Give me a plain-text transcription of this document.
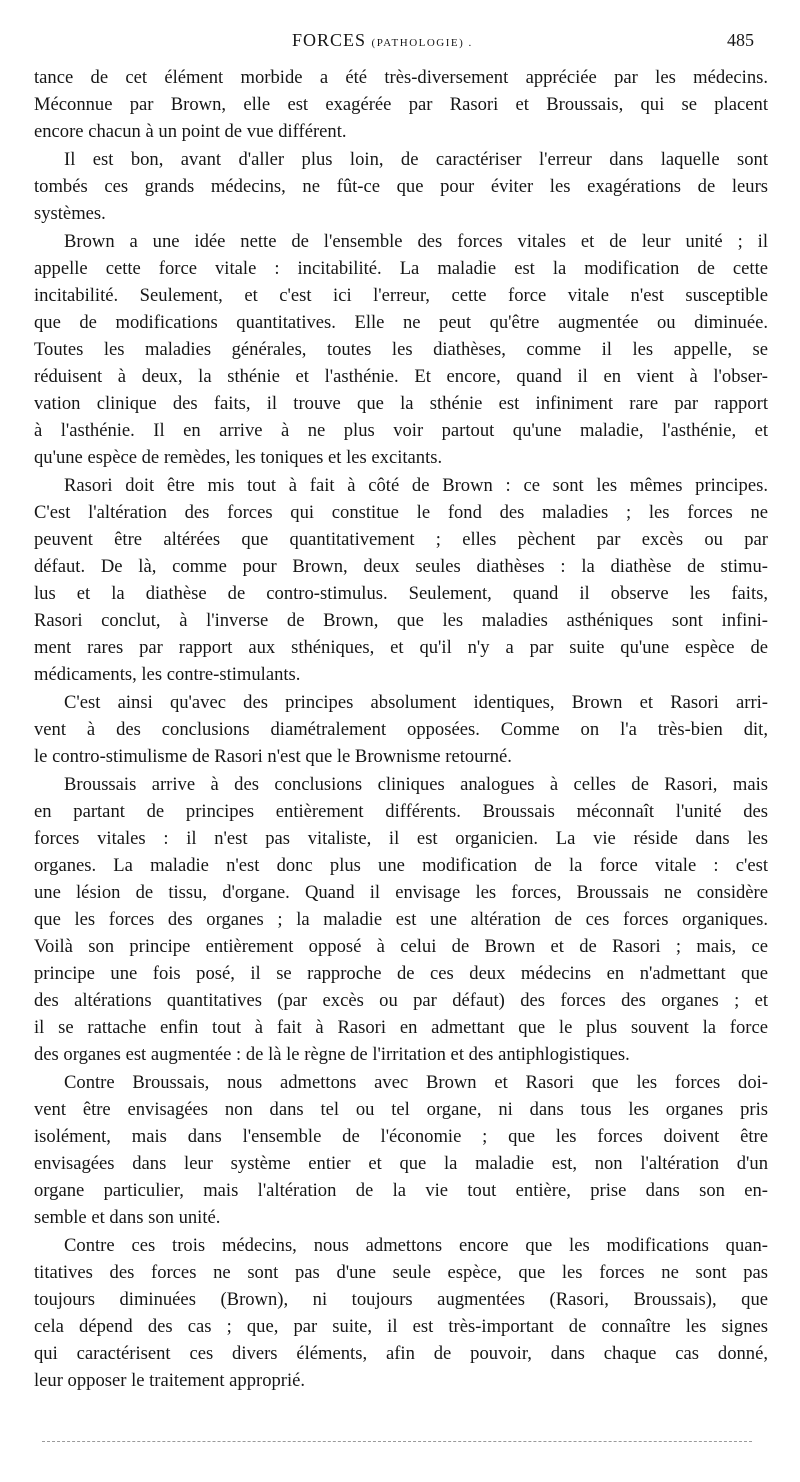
FORCES (PATHOLOGIE) .	485
tance de cet élément morbide a été très-diversement appréciée par les médecins.
Méconnue par Brown, elle est exagérée par Rasori et Broussais, qui se placent
encore chacun à un point de vue différent.
Il est bon, avant d'aller plus loin, de caractériser l'erreur dans laquelle sont
tombés ces grands médecins, ne fût-ce que pour éviter les exagérations de leurs
systèmes.
Brown a une idée nette de l'ensemble des forces vitales et de leur unité ; il
appelle cette force vitale : incitabilité. La maladie est la modification de cette
incitabilité. Seulement, et c'est ici l'erreur, cette force vitale n'est susceptible
que de modifications quantitatives. Elle ne peut qu'être augmentée ou diminuée.
Toutes les maladies générales, toutes les diathèses, comme il les appelle, se
réduisent à deux, la sthénie et l'asthénie. Et encore, quand il en vient à l'obser-
vation clinique des faits, il trouve que la sthénie est infiniment rare par rapport
à l'asthénie. Il en arrive à ne plus voir partout qu'une maladie, l'asthénie, et
qu'une espèce de remèdes, les toniques et les excitants.
Rasori doit être mis tout à fait à côté de Brown : ce sont les mêmes principes.
C'est l'altération des forces qui constitue le fond des maladies ; les forces ne
peuvent être altérées que quantitativement ; elles pèchent par excès ou par
défaut. De là, comme pour Brown, deux seules diathèses : la diathèse de stimu-
lus et la diathèse de contro-stimulus. Seulement, quand il observe les faits,
Rasori conclut, à l'inverse de Brown, que les maladies asthéniques sont infini-
ment rares par rapport aux sthéniques, et qu'il n'y a par suite qu'une espèce de
médicaments, les contre-stimulants.
C'est ainsi qu'avec des principes absolument identiques, Brown et Rasori arri-
vent à des conclusions diamétralement opposées. Comme on l'a très-bien dit,
le contro-stimulisme de Rasori n'est que le Brownisme retourné.
Broussais arrive à des conclusions cliniques analogues à celles de Rasori, mais
en partant de principes entièrement différents. Broussais méconnaît l'unité des
forces vitales : il n'est pas vitaliste, il est organicien. La vie réside dans les
organes. La maladie n'est donc plus une modification de la force vitale : c'est
une lésion de tissu, d'organe. Quand il envisage les forces, Broussais ne considère
que les forces des organes ; la maladie est une altération de ces forces organiques.
Voilà son principe entièrement opposé à celui de Brown et de Rasori ; mais, ce
principe une fois posé, il se rapproche de ces deux médecins en n'admettant que
des altérations quantitatives (par excès ou par défaut) des forces des organes ; et
il se rattache enfin tout à fait à Rasori en admettant que le plus souvent la force
des organes est augmentée : de là le règne de l'irritation et des antiphlogistiques.
Contre Broussais, nous admettons avec Brown et Rasori que les forces doi-
vent être envisagées non dans tel ou tel organe, ni dans tous les organes pris
isolément, mais dans l'ensemble de l'économie ; que les forces doivent être
envisagées dans leur système entier et que la maladie est, non l'altération d'un
organe particulier, mais l'altération de la vie tout entière, prise dans son en-
semble et dans son unité.
Contre ces trois médecins, nous admettons encore que les modifications quan-
titatives des forces ne sont pas d'une seule espèce, que les forces ne sont pas
toujours diminuées (Brown), ni toujours augmentées (Rasori, Broussais), que
cela dépend des cas ; que, par suite, il est très-important de connaître les signes
qui caractérisent ces divers éléments, afin de pouvoir, dans chaque cas donné,
leur opposer le traitement approprié.
